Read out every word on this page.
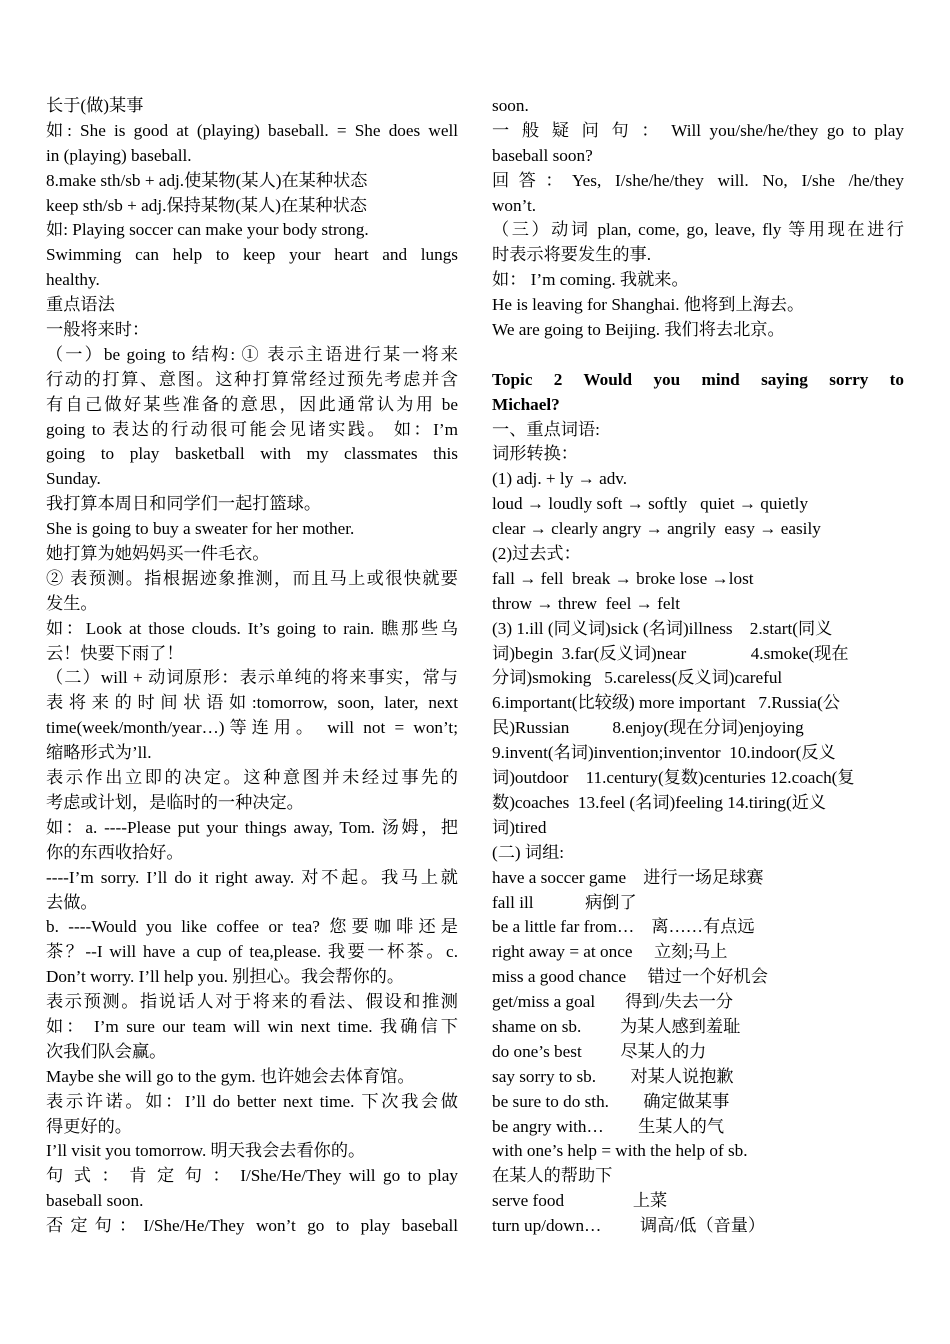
长于(做)某事
如: She is good at (playing) baseball. = She does well
in (playing) baseball.
8.make sth/sb + adj.使某物(某人)在某种状态
keep sth/sb + adj.保持某物(某人)在某种状态
如: Playing soccer can make your body strong.
Swimming can help to keep your heart and lungs
healthy.
重点语法
一般将来时：
（一）be going to 结构: ① 表示主语进行某一将来
行动的打算、意图。这种打算常经过预先考虑并含
有自己做好某些准备的意思，因此通常认为用 be
going to 表达的行动很可能会见诸实践。 如：I’m
going to play basketball with my classmates this
Sunday.
我打算本周日和同学们一起打篮球。
She is going to buy a sweater for her mother.
她打算为她妈妈买一件毛衣。
② 表预测。指根据迹象推测，而且马上或很快就要
发生。
如：Look at those clouds. It’s going to rain. 瞧那些乌
云！快要下雨了！
（二）will + 动词原形：表示单纯的将来事实，常与
表将来的时间状语如:tomorrow, soon, later, next
time(week/month/year…)等连用。 will not = won’t;
缩略形式为’ll.
表示作出立即的决定。这种意图并未经过事先的
考虑或计划，是临时的一种决定。
如：a. ----Please put your things away, Tom. 汤姆，把
你的东西收拾好。
----I’m sorry. I’ll do it right away. 对不起。我马上就
去做。
b. ----Would you like coffee or tea? 您要咖啡还是
茶？--I will have a cup of tea,please. 我要一杯茶。c.
Don’t worry. I’ll help you. 别担心。我会帮你的。
表示预测。指说话人对于将来的看法、假设和推测
如： I’m sure our team will win next time. 我确信下
次我们队会赢。
Maybe she will go to the gym. 也许她会去体育馆。
表示许诺。如：I’ll do better next time. 下次我会做
得更好的。
I’ll visit you tomorrow. 明天我会去看你的。
句 式 ： 肯 定 句 ： I/She/He/They will go to play
baseball soon.
否定句：I/She/He/They won’t go to play baseball
soon.
一 般 疑 问 句 ： Will you/she/he/they go to play
baseball soon?
回答：Yes, I/she/he/they will. No, I/she /he/they
won’t.
（三）动词 plan, come, go, leave, fly 等用现在进行
时表示将要发生的事.
如： I’m coming. 我就来。
He is leaving for Shanghai. 他将到上海去。
We are going to Beijing. 我们将去北京。
Topic 2 Would you mind saying sorry to
Michael?
一、重点词语:
词形转换：
(1) adj. + ly → adv.
loud → loudly soft → softly   quiet → quietly
clear → clearly angry → angrily  easy → easily
(2)过去式：
fall → fell  break → broke lose →lost
throw → threw  feel → felt
(3) 1.ill (同义词)sick (名词)illness    2.start(同义
词)begin  3.far(反义词)near               4.smoke(现在
分词)smoking   5.careless(反义词)careful
6.important(比较级) more important   7.Russia(公
民)Russian          8.enjoy(现在分词)enjoying
9.invent(名词)invention;inventor  10.indoor(反义
词)outdoor    11.century(复数)centuries 12.coach(复
数)coaches  13.feel (名词)feeling 14.tiring(近义
词)tired
(二) 词组:
have a soccer game    进行一场足球赛
fall ill            病倒了
be a little far from…    离……有点远
right away = at once     立刻;马上
miss a good chance     错过一个好机会
get/miss a goal       得到/失去一分
shame on sb.         为某人感到羞耻
do one’s best         尽某人的力
say sorry to sb.        对某人说抱歉
be sure to do sth.        确定做某事
be angry with…        生某人的气
with one’s help = with the help of sb.
在某人的帮助下
serve food                上菜
turn up/down…         调高/低（音量）
